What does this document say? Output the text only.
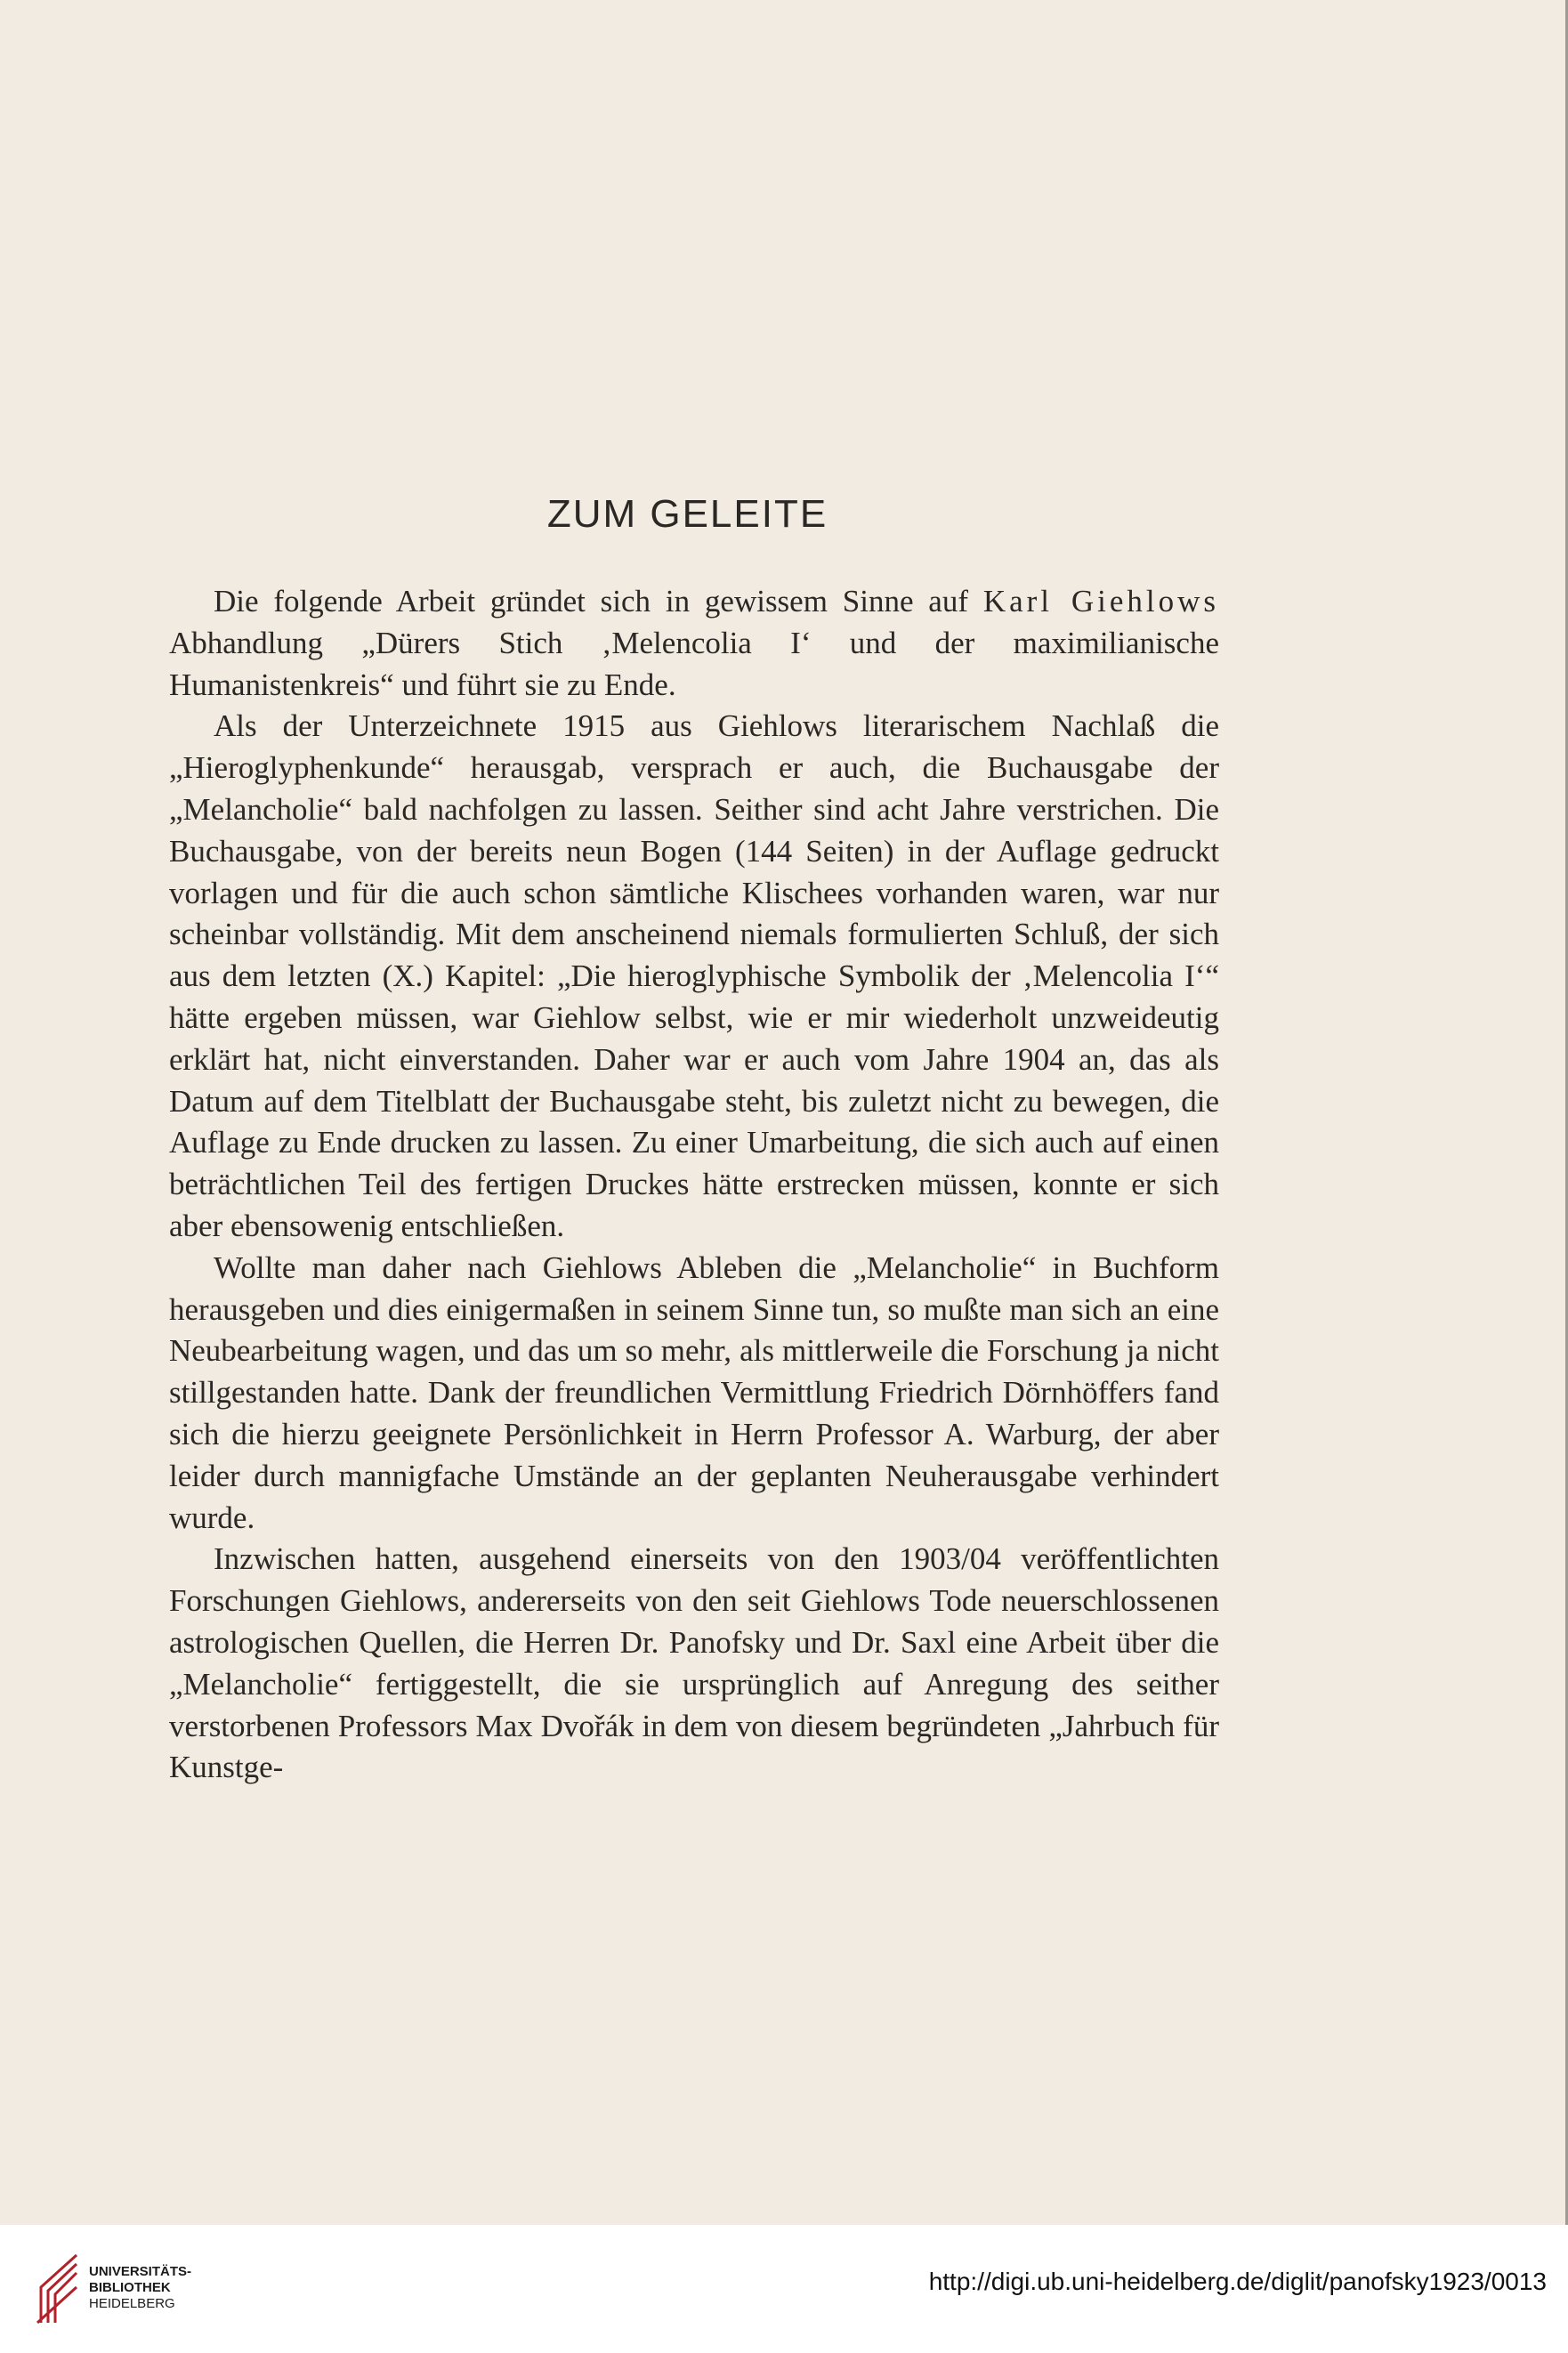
ZUM GELEITE

Die folgende Arbeit gründet sich in gewissem Sinne auf Karl Giehlows Abhandlung „Dürers Stich ‚Melencolia I‘ und der maximilianische Humanistenkreis“ und führt sie zu Ende.

Als der Unterzeichnete 1915 aus Giehlows literarischem Nachlaß die „Hieroglyphenkunde“ herausgab, versprach er auch, die Buchausgabe der „Melancholie“ bald nachfolgen zu lassen. Seither sind acht Jahre verstrichen. Die Buchausgabe, von der bereits neun Bogen (144 Seiten) in der Auflage gedruckt vorlagen und für die auch schon sämtliche Klischees vorhanden waren, war nur scheinbar vollständig. Mit dem anscheinend niemals formulierten Schluß, der sich aus dem letzten (X.) Kapitel: „Die hieroglyphische Symbolik der ‚Melencolia I‘“ hätte ergeben müssen, war Giehlow selbst, wie er mir wiederholt unzweideutig erklärt hat, nicht einverstanden. Daher war er auch vom Jahre 1904 an, das als Datum auf dem Titelblatt der Buchausgabe steht, bis zuletzt nicht zu bewegen, die Auflage zu Ende drucken zu lassen. Zu einer Umarbeitung, die sich auch auf einen beträchtlichen Teil des fertigen Druckes hätte erstrecken müssen, konnte er sich aber ebensowenig entschließen.

Wollte man daher nach Giehlows Ableben die „Melancholie“ in Buchform herausgeben und dies einigermaßen in seinem Sinne tun, so mußte man sich an eine Neubearbeitung wagen, und das um so mehr, als mittlerweile die Forschung ja nicht stillgestanden hatte. Dank der freundlichen Vermittlung Friedrich Dörnhöffers fand sich die hierzu geeignete Persönlichkeit in Herrn Professor A. Warburg, der aber leider durch mannigfache Umstände an der geplanten Neuherausgabe verhindert wurde.

Inzwischen hatten, ausgehend einerseits von den 1903/04 veröffentlichten Forschungen Giehlows, andererseits von den seit Giehlows Tode neuerschlossenen astrologischen Quellen, die Herren Dr. Panofsky und Dr. Saxl eine Arbeit über die „Melancholie“ fertiggestellt, die sie ursprünglich auf Anregung des seither verstorbenen Professors Max Dvořák in dem von diesem begründeten „Jahrbuch für Kunstge-

UNIVERSITÄTS-
BIBLIOTHEK
HEIDELBERG
http://digi.ub.uni-heidelberg.de/diglit/panofsky1923/0013
